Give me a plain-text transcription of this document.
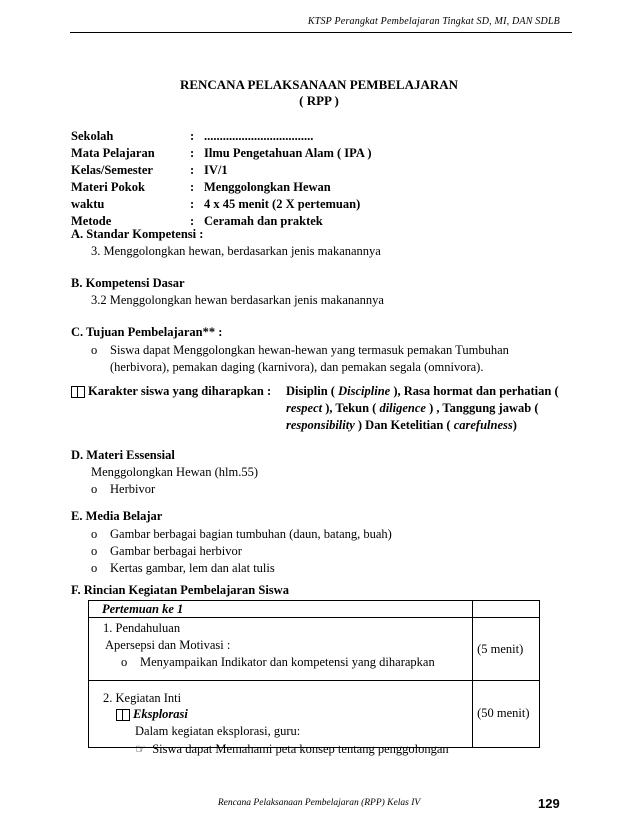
KTSP Perangkat Pembelajaran Tingkat SD, MI, DAN SDLB
RENCANA PELAKSANAAN PEMBELAJARAN
( RPP )
Sekolah	: ...................................
Mata Pelajaran	: Ilmu Pengetahuan Alam ( IPA )
Kelas/Semester	: IV/1
Materi Pokok	: Menggolongkan Hewan
waktu	: 4 x 45 menit (2 X pertemuan)
Metode	: Ceramah dan praktek
A. Standar Kompetensi :
3. Menggolongkan hewan, berdasarkan jenis makanannya
B. Kompetensi Dasar
3.2 Menggolongkan hewan berdasarkan jenis makanannya
C. Tujuan Pembelajaran** :
o Siswa dapat Menggolongkan hewan-hewan yang termasuk pemakan Tumbuhan
(herbivora), pemakan daging (karnivora), dan pemakan segala (omnivora).
Karakter siswa yang diharapkan : Disiplin ( Discipline ), Rasa hormat dan perhatian (
respect ), Tekun ( diligence ) , Tanggung jawab (
responsibility ) Dan Ketelitian ( carefulness)
D. Materi Essensial
Menggolongkan Hewan (hlm.55)
o Herbivor
E. Media Belajar
o Gambar berbagai bagian tumbuhan (daun, batang, buah)
o Gambar berbagai herbivor
o Kertas gambar, lem dan alat tulis
F. Rincian Kegiatan Pembelajaran Siswa
Pertemuan ke 1	

1. Pendahuluan
Apersepsi dan Motivasi :
o Menyampaikan Indikator dan kompetensi yang diharapkan	(5 menit)

2. Kegiatan Inti
Eksplorasi
Dalam kegiatan eksplorasi, guru:
☞ Siswa dapat Memahami peta konsep tentang penggolongan	(50 menit)
Rencana Pelaksanaan Pembelajaran (RPP) Kelas IV	129
